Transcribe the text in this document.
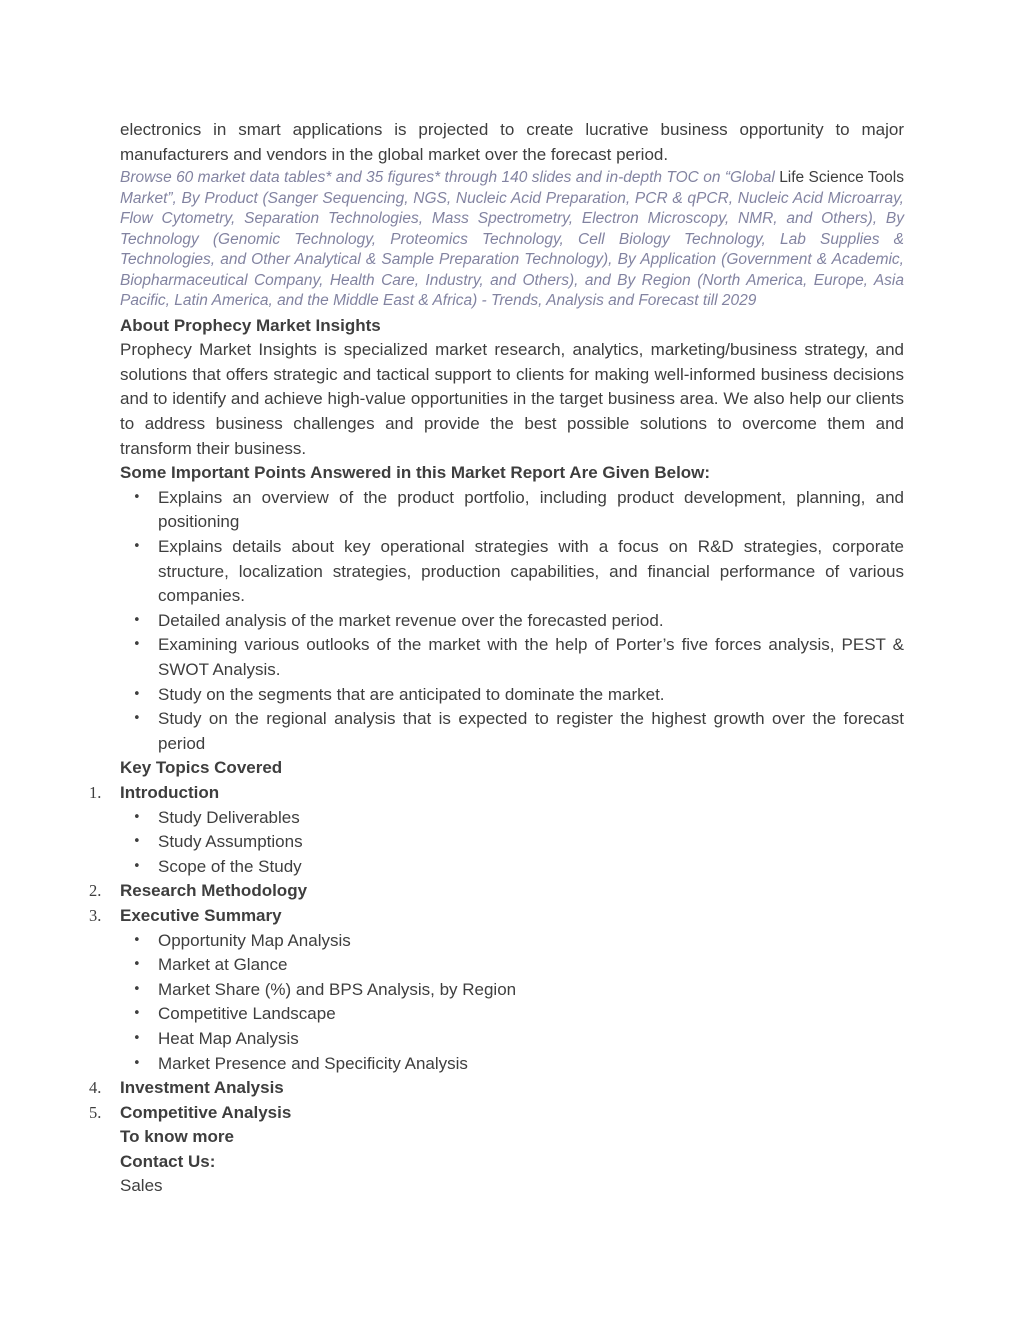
electronics in smart applications is projected to create lucrative business opportunity to major manufacturers and vendors in the global market over the forecast period.

Browse 60 market data tables* and 35 figures* through 140 slides and in-depth TOC on “Global Life Science Tools Market”, By Product (Sanger Sequencing, NGS, Nucleic Acid Preparation, PCR & qPCR, Nucleic Acid Microarray, Flow Cytometry, Separation Technologies, Mass Spectrometry, Electron Microscopy, NMR, and Others), By Technology (Genomic Technology, Proteomics Technology, Cell Biology Technology, Lab Supplies & Technologies, and Other Analytical & Sample Preparation Technology), By Application (Government & Academic, Biopharmaceutical Company, Health Care, Industry, and Others), and By Region (North America, Europe, Asia Pacific, Latin America, and the Middle East & Africa) - Trends, Analysis and Forecast till 2029

About Prophecy Market Insights

Prophecy Market Insights is specialized market research, analytics, marketing/business strategy, and solutions that offers strategic and tactical support to clients for making well-informed business decisions and to identify and achieve high-value opportunities in the target business area. We also help our clients to address business challenges and provide the best possible solutions to overcome them and transform their business.

Some Important Points Answered in this Market Report Are Given Below:
• Explains an overview of the product portfolio, including product development, planning, and positioning
• Explains details about key operational strategies with a focus on R&D strategies, corporate structure, localization strategies, production capabilities, and financial performance of various companies.
• Detailed analysis of the market revenue over the forecasted period.
• Examining various outlooks of the market with the help of Porter’s five forces analysis, PEST & SWOT Analysis.
• Study on the segments that are anticipated to dominate the market.
• Study on the regional analysis that is expected to register the highest growth over the forecast period
Key Topics Covered
1. Introduction
• Study Deliverables
• Study Assumptions
• Scope of the Study
2. Research Methodology
3. Executive Summary
• Opportunity Map Analysis
• Market at Glance
• Market Share (%) and BPS Analysis, by Region
• Competitive Landscape
• Heat Map Analysis
• Market Presence and Specificity Analysis
4. Investment Analysis
5. Competitive Analysis
To know more
Contact Us:
Sales
